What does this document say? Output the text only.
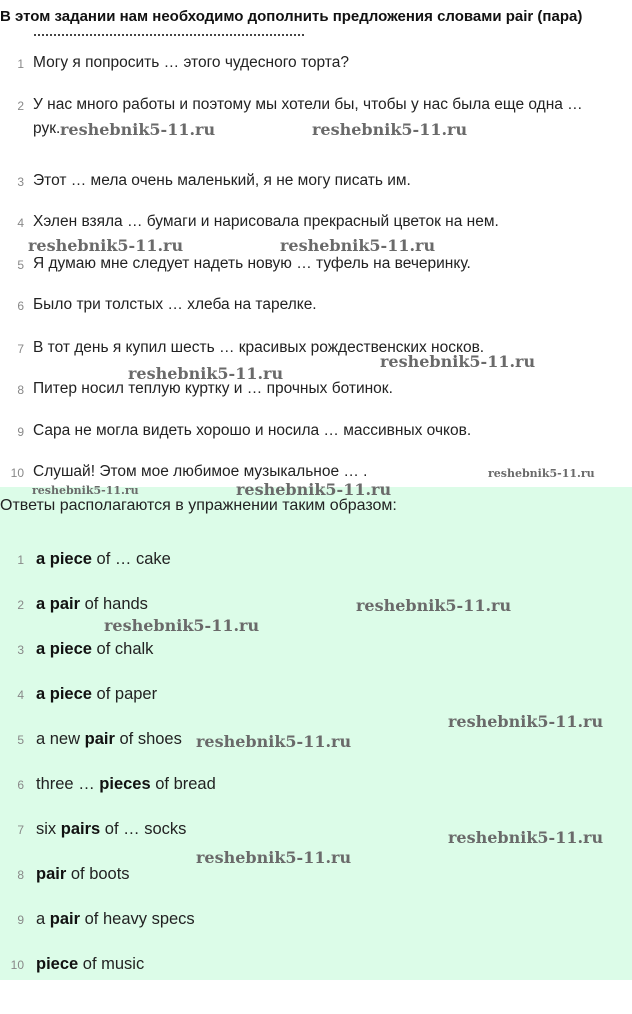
В этом задании нам необходимо дополнить предложения словами pair (пара)
1 Могу я попросить … этого чудесного торта?
2 У нас много работы и поэтому мы хотели бы, чтобы у нас была еще одна …
рук.
3 Этот … мела очень маленький, я не могу писать им.
4 Хэлен взяла … бумаги и нарисовала прекрасный цветок на нем.
5 Я думаю мне следует надеть новую … туфель на вечеринку.
6 Было три толстых … хлеба на тарелке.
7 В тот день я купил шесть … красивых рождественских носков.
8 Питер носил теплую куртку и … прочных ботинок.
9 Сара не могла видеть хорошо и носила … массивных очков.
10 Слушай! Этом мое любимое музыкальное … .
Ответы располагаются в упражнении таким образом:
1 a piece of … cake
2 a pair of hands
3 a piece of chalk
4 a piece of paper
5 a new pair of shoes
6 three … pieces of bread
7 six pairs of … socks
8 pair of boots
9 a pair of heavy specs
10 piece of music
reshebnik5-11.ru	reshebnik5-11.ru
reshebnik5-11.ru	reshebnik5-11.ru
reshebnik5-11.ru
reshebnik5-11.ru
reshebnik5-11.ru
reshebnik5-11.ru	reshebnik5-11.ru
reshebnik5-11.ru
reshebnik5-11.ru
reshebnik5-11.ru
reshebnik5-11.ru
reshebnik5-11.ru
reshebnik5-11.ru
